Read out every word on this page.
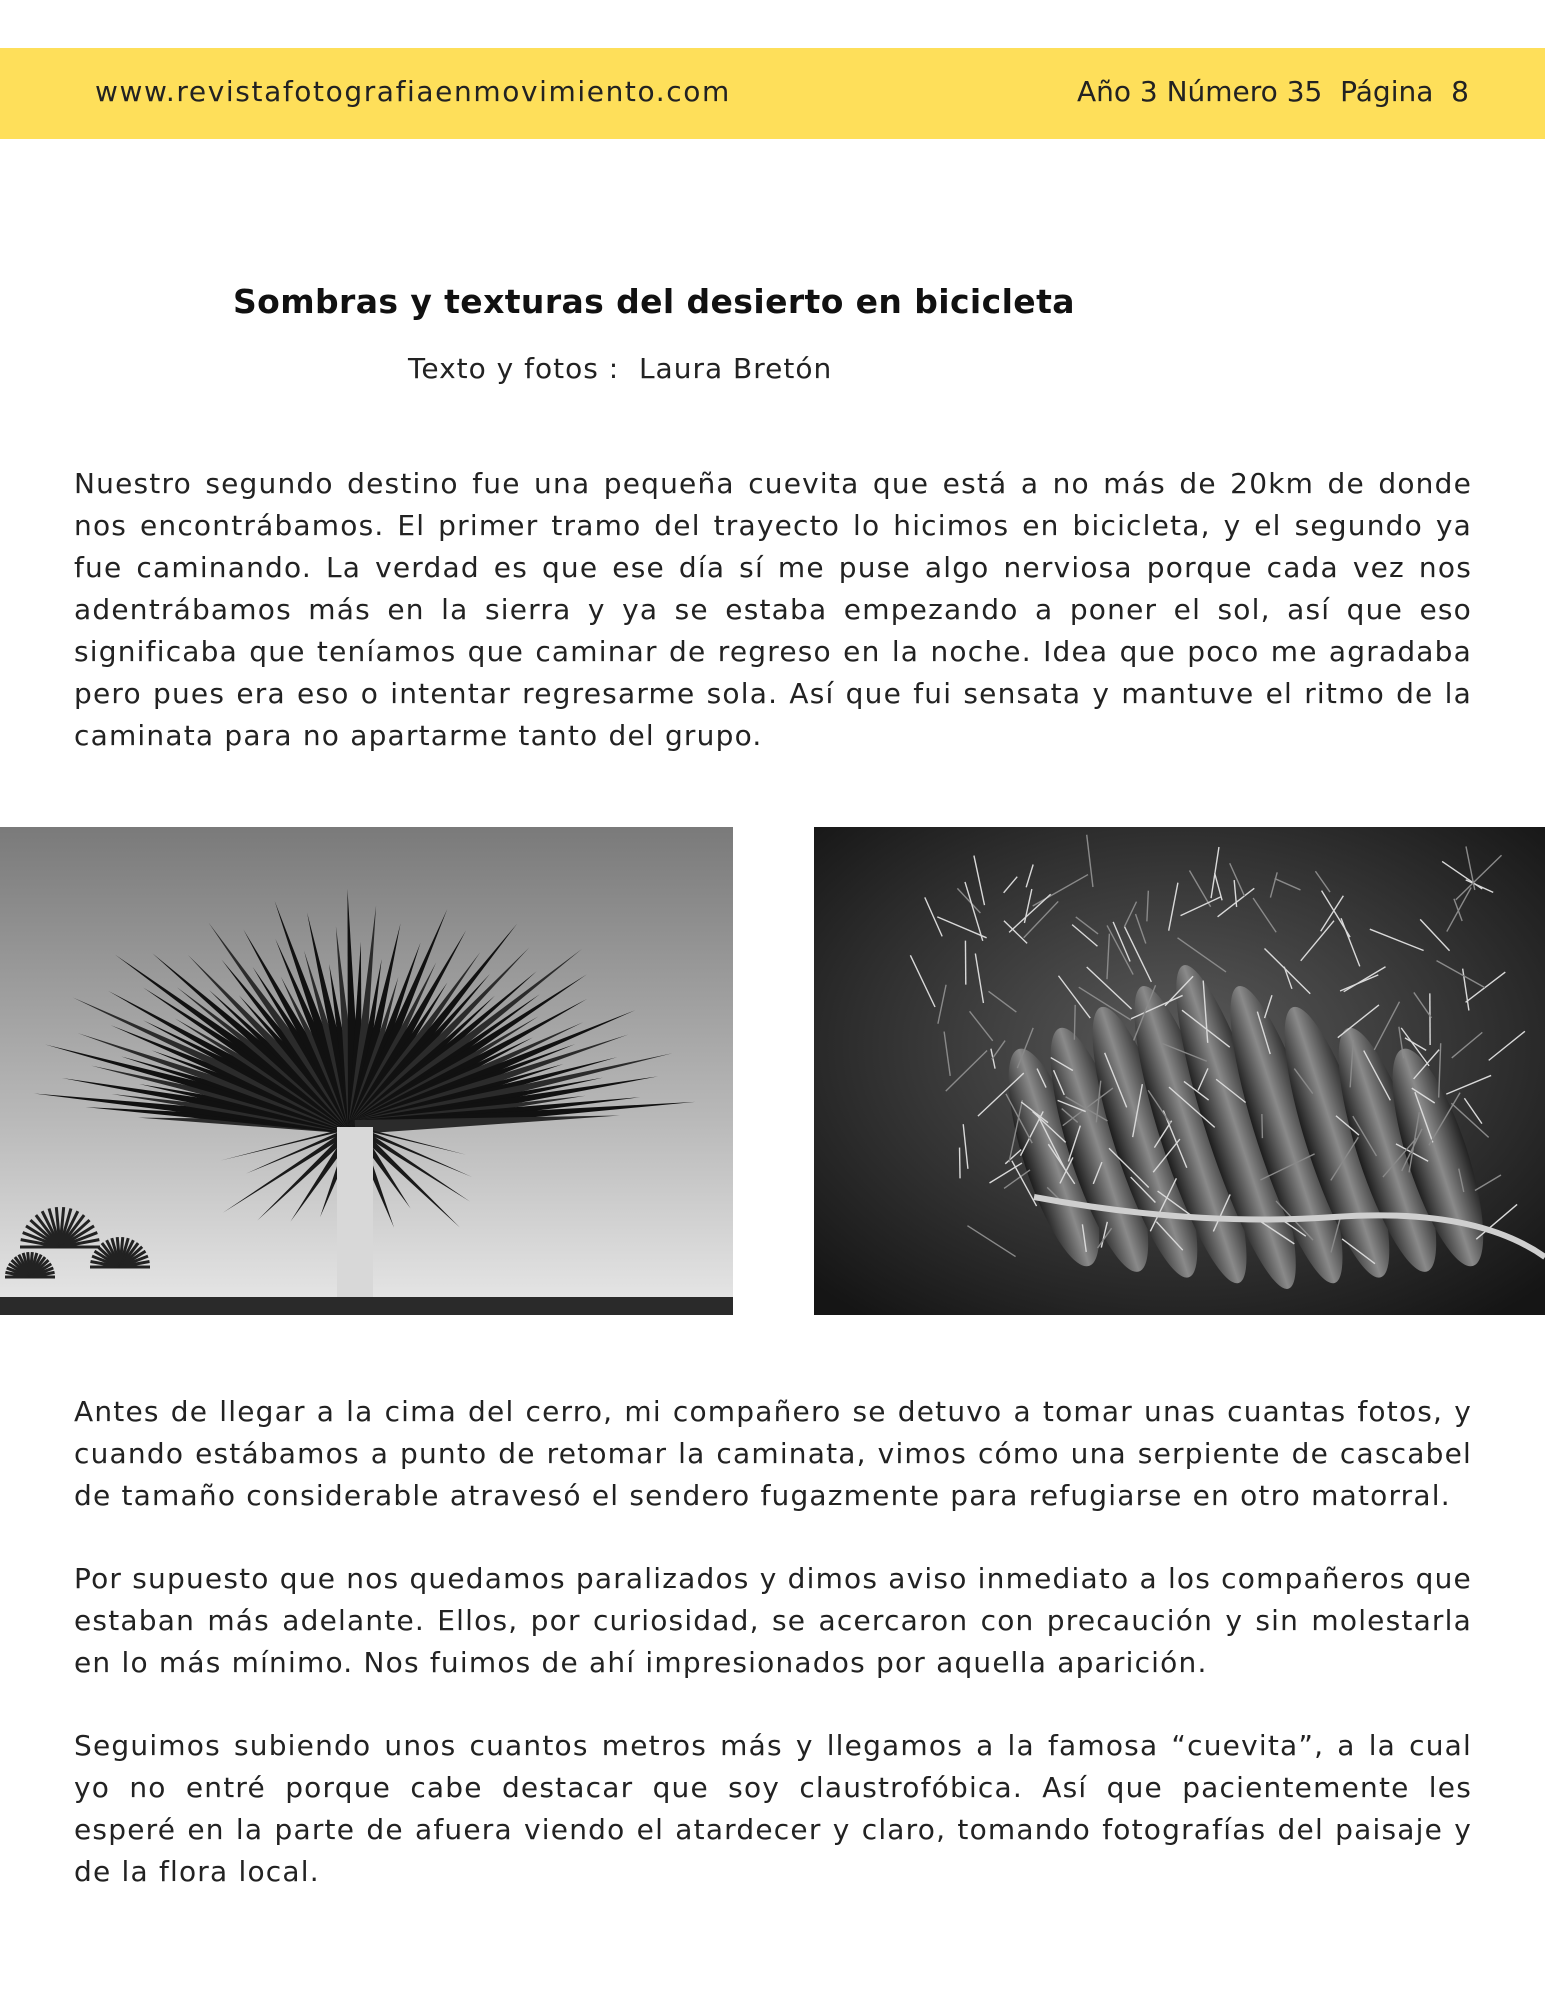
www.revistafotografiaenmovimiento.com	Año 3 Número 35  Página  8
Sombras y texturas del desierto en bicicleta
Texto y fotos :  Laura Bretón

Nuestro segundo destino fue una pequeña cuevita que está a no más de 20km de donde nos encontrábamos. El primer tramo del trayecto lo hicimos en bicicleta, y el segundo ya fue caminando. La verdad es que ese día sí me puse algo nerviosa porque cada vez nos adentrábamos más en la sierra y ya se estaba empezando a poner el sol, así que eso significaba que teníamos que caminar de regreso en la noche. Idea que poco me agradaba pero pues era eso o intentar regresarme sola. Así que fui sensata y mantuve el ritmo de la caminata para no apartarme tanto del grupo.

Antes de llegar a la cima del cerro, mi compañero se detuvo a tomar unas cuantas fotos, y cuando estábamos a punto de retomar la caminata, vimos cómo una serpiente de cascabel de tamaño considerable atravesó el sendero fugazmente para refugiarse en otro matorral.

Por supuesto que nos quedamos paralizados y dimos aviso inmediato a los compañeros que estaban más adelante. Ellos, por curiosidad, se acercaron con precaución y sin molestarla en lo más mínimo. Nos fuimos de ahí impresionados por aquella aparición.

Seguimos subiendo unos cuantos metros más y llegamos a la famosa “cuevita”, a la cual yo no entré porque cabe destacar que soy claustrofóbica. Así que pacientemente les esperé en la parte de afuera viendo el atardecer y claro, tomando fotografías del paisaje y de la flora local.
